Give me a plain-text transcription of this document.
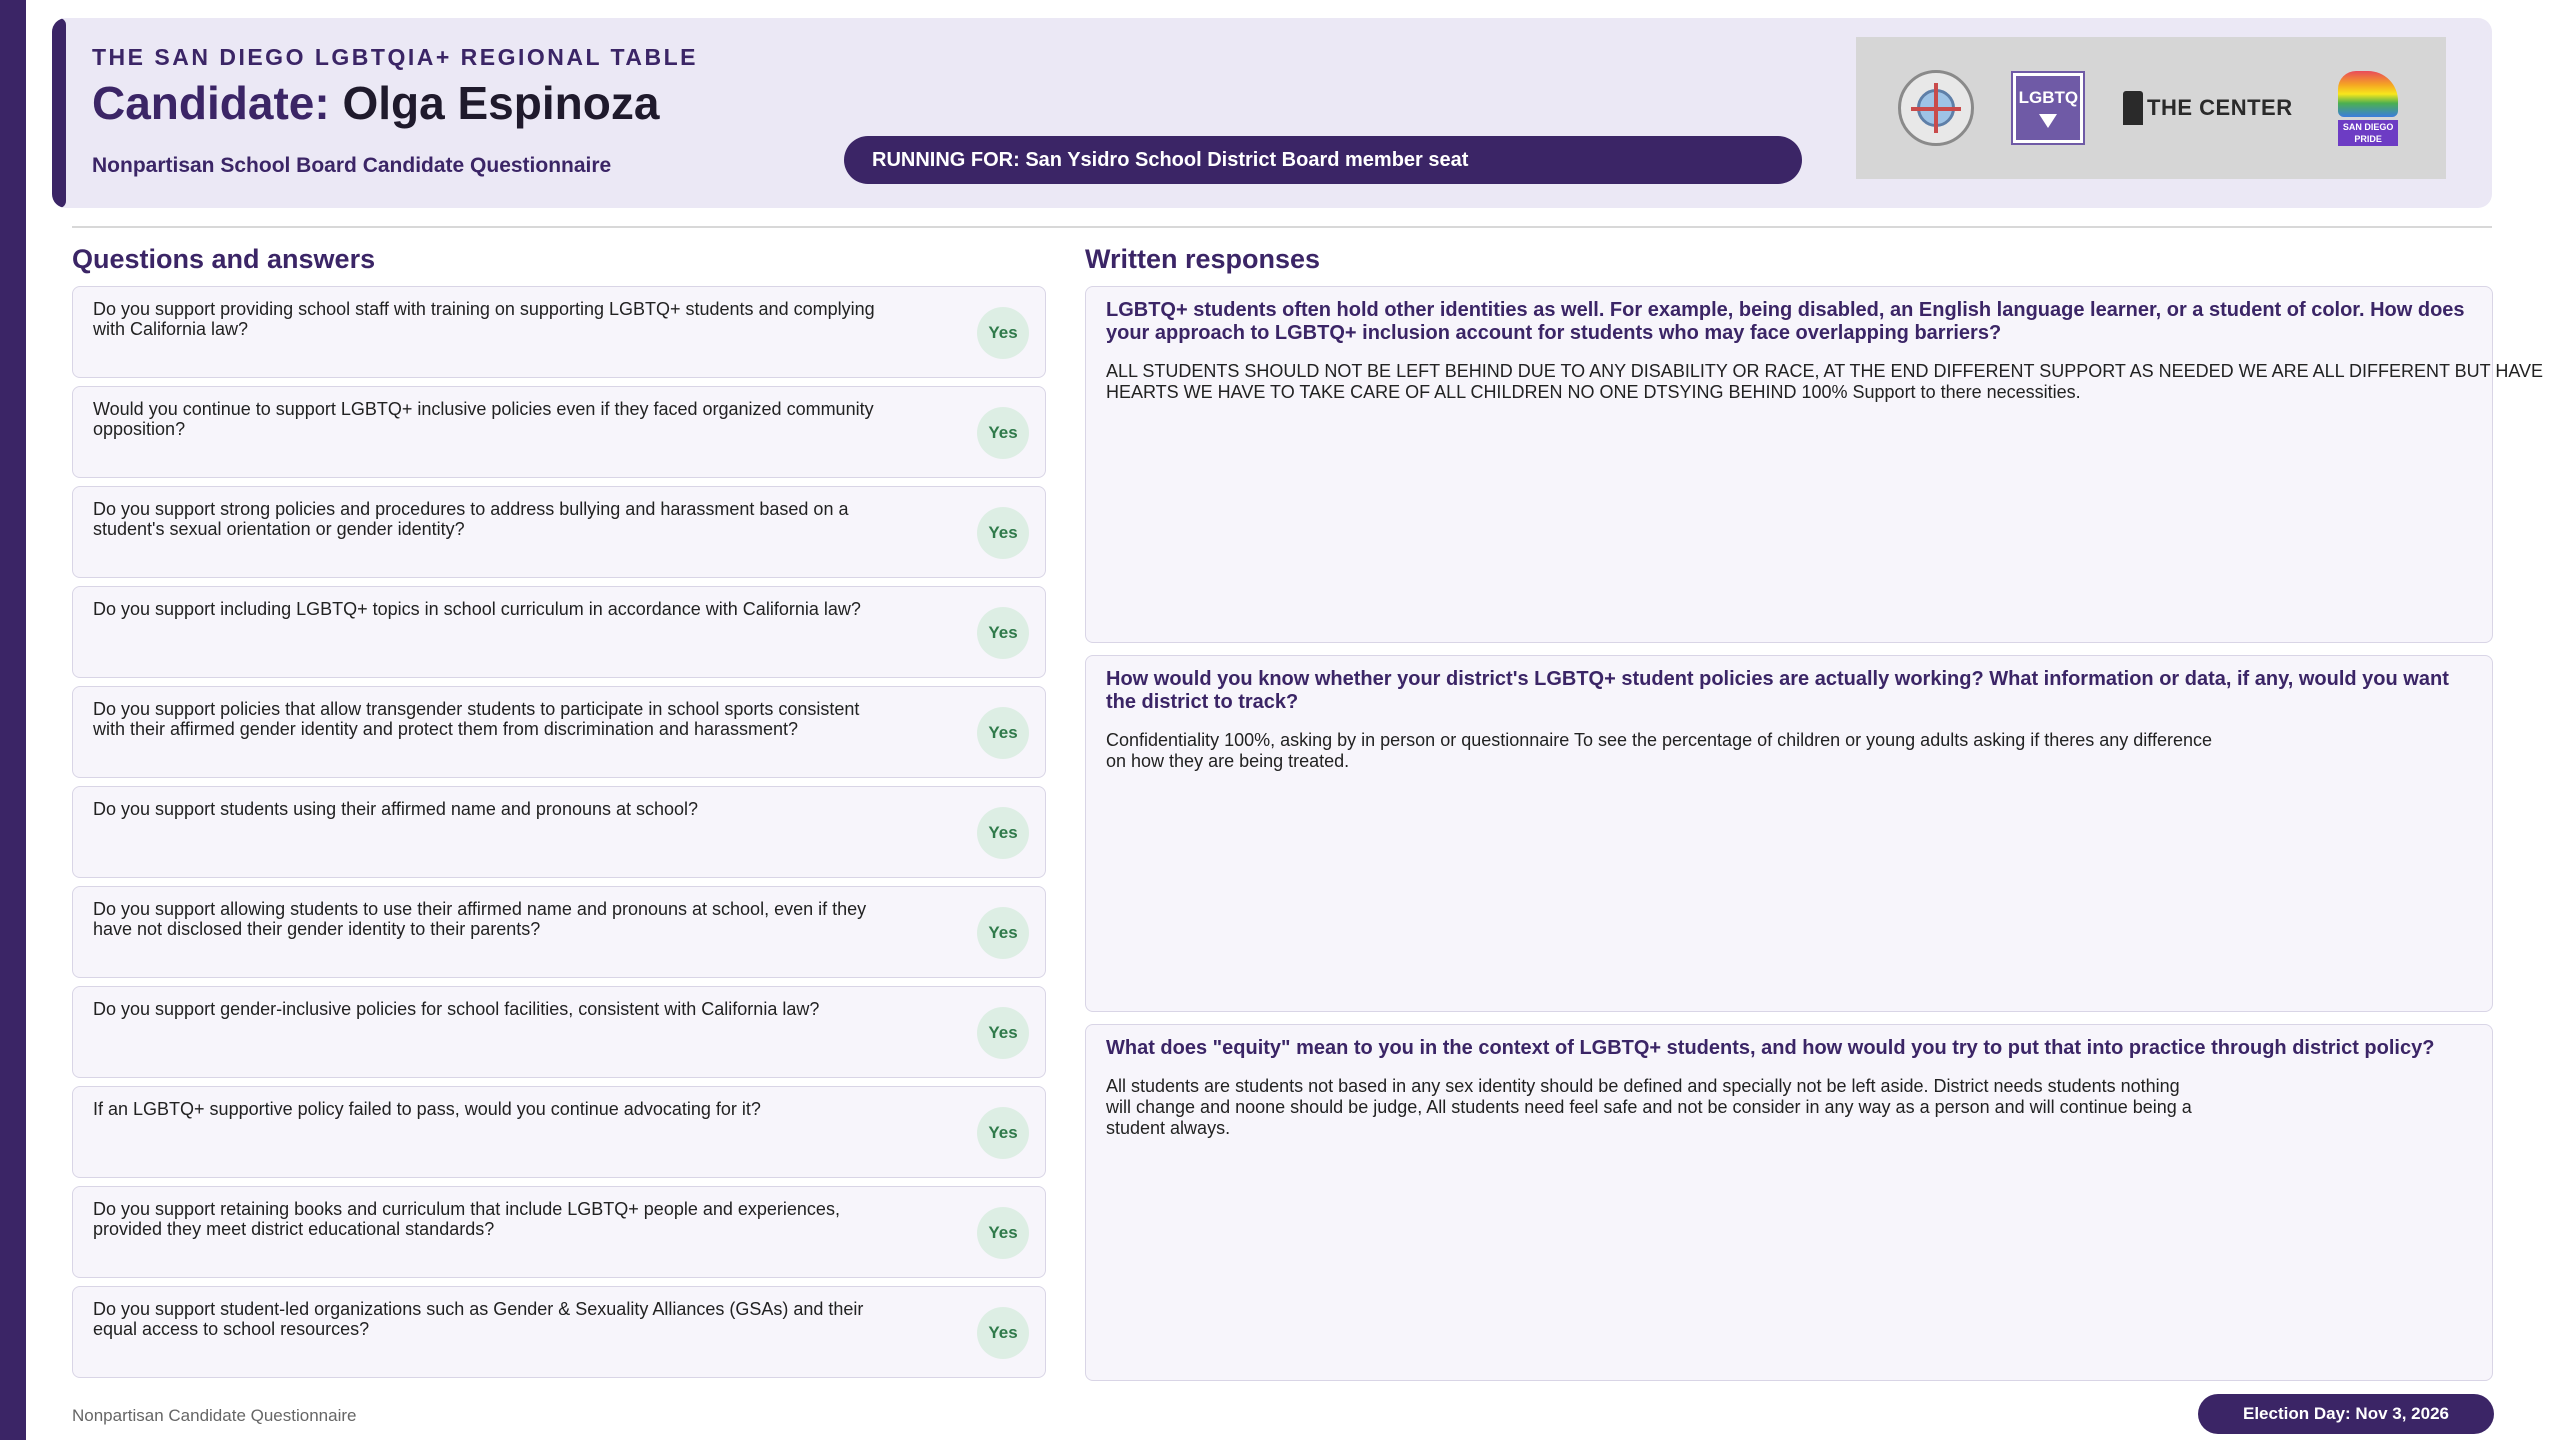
THE SAN DIEGO LGBTQIA+ REGIONAL TABLE
Candidate: Olga Espinoza
Nonpartisan School Board Candidate Questionnaire	RUNNING FOR: San Ysidro School District Board member seat
LGBTQ	THE CENTER
SAN DIEGO PRIDE
Questions and answers	Written responses
Do you support providing school staff with training on supporting LGBTQ+ students and complying with California law?	Yes
Would you continue to support LGBTQ+ inclusive policies even if they faced organized community opposition?	Yes
Do you support strong policies and procedures to address bullying and harassment based on a student's sexual orientation or gender identity?	Yes
Do you support including LGBTQ+ topics in school curriculum in accordance with California law?
Yes
Do you support policies that allow transgender students to participate in school sports consistent with their affirmed gender identity and protect them from discrimination and harassment?	Yes
Do you support students using their affirmed name and pronouns at school?
Yes
Do you support allowing students to use their affirmed name and pronouns at school, even if they have not disclosed their gender identity to their parents?	Yes
Do you support gender-inclusive policies for school facilities, consistent with California law?
Yes
If an LGBTQ+ supportive policy failed to pass, would you continue advocating for it?
Yes
Do you support retaining books and curriculum that include LGBTQ+ people and experiences, provided they meet district educational standards?	Yes
Do you support student-led organizations such as Gender & Sexuality Alliances (GSAs) and their equal access to school resources?	Yes
LGBTQ+ students often hold other identities as well. For example, being disabled, an English language learner, or a student of color. How does your approach to LGBTQ+ inclusion account for students who may face overlapping barriers?
ALL STUDENTS SHOULD NOT BE LEFT BEHIND DUE TO ANY DISABILITY OR RACE, AT THE END DIFFERENT SUPPORT AS NEEDED WE ARE ALL DIFFERENT BUT HAVE
HEARTS WE HAVE TO TAKE CARE OF ALL CHILDREN NO ONE DTSYING BEHIND 100% Support to there necessities.
How would you know whether your district's LGBTQ+ student policies are actually working? What information or data, if any, would you want the district to track?
Confidentiality 100%, asking by in person or questionnaire To see the percentage of children or young adults asking if theres any difference
on how they are being treated.
What does "equity" mean to you in the context of LGBTQ+ students, and how would you try to put that into practice through district policy?
All students are students not based in any sex identity should be defined and specially not be left aside. District needs students nothing
will change and noone should be judge, All students need feel safe and not be consider in any way as a person and will continue being a
student always.
Nonpartisan Candidate Questionnaire	Election Day: Nov 3, 2026
